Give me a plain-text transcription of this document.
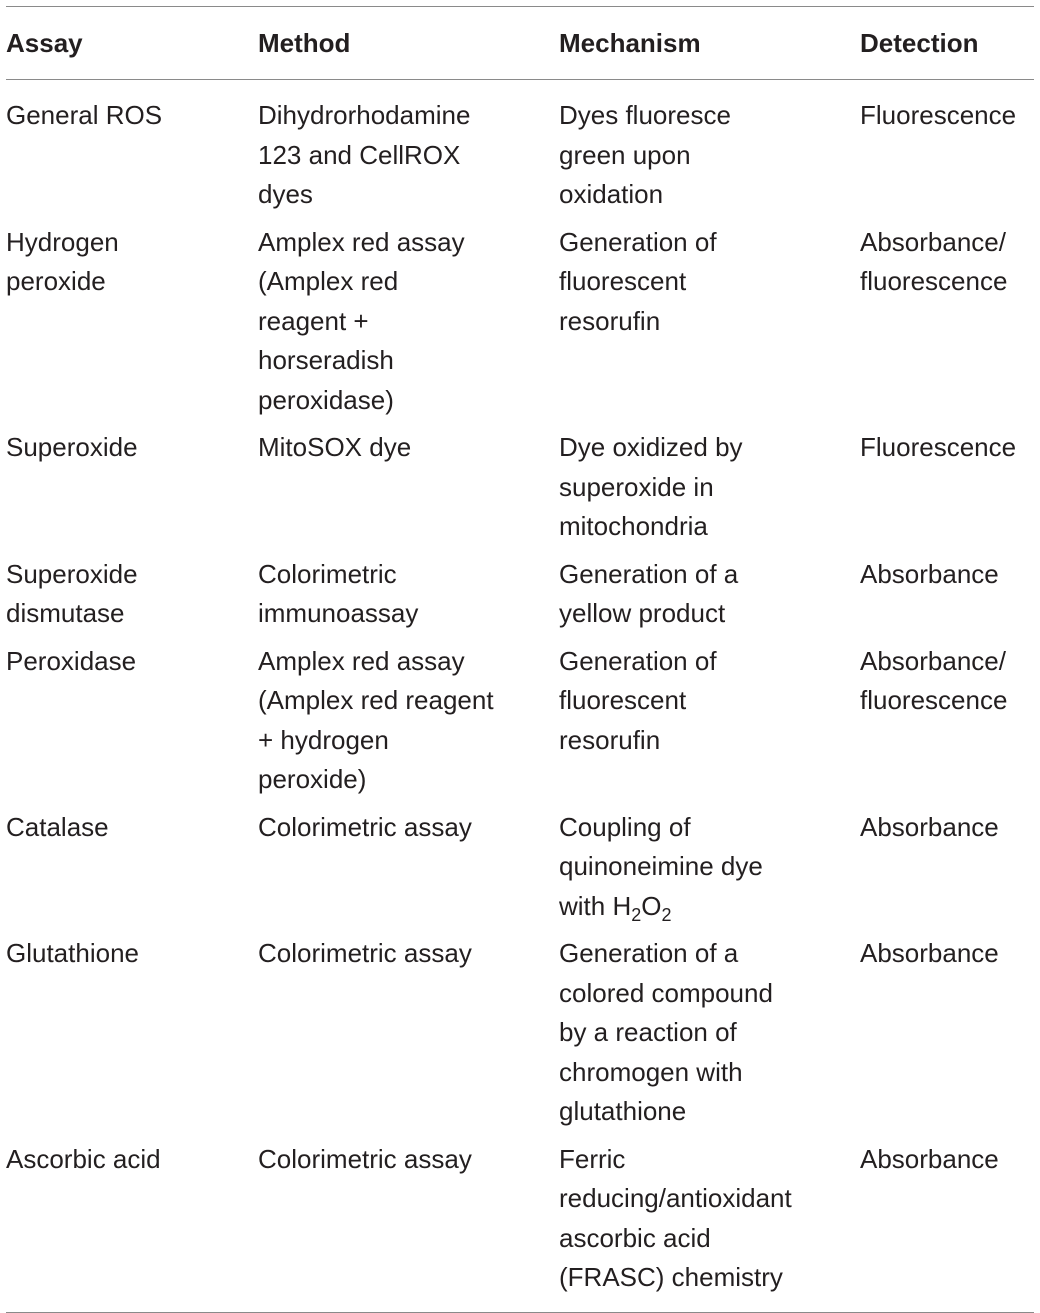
Assay	Method	Mechanism	Detection

General ROS	Dihydrorhodamine 123 and CellROX dyes	Dyes fluoresce green upon oxidation	Fluorescence

Hydrogen peroxide	Amplex red assay (Amplex red reagent + horseradish peroxidase)	Generation of fluorescent resorufin	Absorbance/ fluorescence

Superoxide	MitoSOX dye	Dye oxidized by superoxide in mitochondria	Fluorescence

Superoxide dismutase	Colorimetric immunoassay	Generation of a yellow product	Absorbance

Peroxidase	Amplex red assay (Amplex red reagent + hydrogen peroxide)	Generation of fluorescent resorufin	Absorbance/ fluorescence

Catalase	Colorimetric assay	Coupling of quinoneimine dye with $H_2O_2$	Absorbance

Glutathione	Colorimetric assay	Generation of a colored compound by a reaction of chromogen with glutathione	Absorbance

Ascorbic acid	Colorimetric assay	Ferric reducing/antioxidant ascorbic acid (FRASC) chemistry	Absorbance
